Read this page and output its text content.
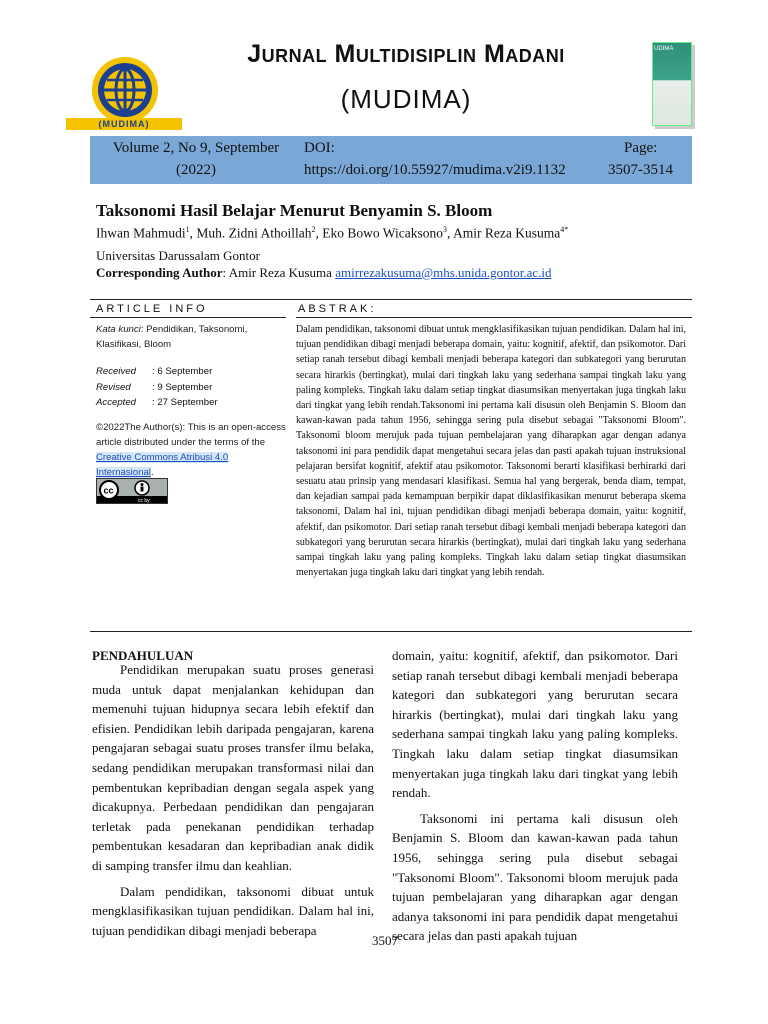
(MUDIMA)
Jurnal Multidisiplin Madani
(MUDIMA)
UDIMA
Volume 2, No 9, September (2022)
DOI:
https://doi.org/10.55927/mudima.v2i9.1132
Page:
3507-3514
Taksonomi Hasil Belajar Menurut Benyamin S. Bloom
Ihwan Mahmudi$^1$, Muh. Zidni Athoillah$^2$, Eko Bowo Wicaksono$^3$, Amir Reza Kusuma$^{4*}$
Universitas Darussalam Gontor
Corresponding Author: Amir Reza Kusuma amirrezakusuma@mhs.unida.gontor.ac.id
ARTICLE INFO	ABSTRAK:
Kata kunci: Pendidikan, Taksonomi, Klasifikasi, Bloom
Received : 6 September
Revised : 9 September
Accepted : 27 September
©2022The Author(s): This is an open-access article distributed under the terms of the Creative Commons Atribusi 4.0 Internasional.
cc
cc by
Dalam pendidikan, taksonomi dibuat untuk mengklasifikasikan tujuan pendidikan. Dalam hal ini, tujuan pendidikan dibagi menjadi beberapa domain, yaitu: kognitif, afektif, dan psikomotor. Dari setiap ranah tersebut dibagi kembali menjadi beberapa kategori dan subkategori yang berurutan secara hirarkis (bertingkat), mulai dari tingkah laku yang sederhana sampai tingkah laku yang paling kompleks. Tingkah laku dalam setiap tingkat diasumsikan menyertakan juga tingkah laku dari tingkat yang lebih rendah.Taksonomi ini pertama kali disusun oleh Benjamin S. Bloom dan kawan-kawan pada tahun 1956, sehingga sering pula disebut sebagai "Taksonomi Bloom". Taksonomi bloom merujuk pada tujuan pembelajaran yang diharapkan agar dengan adanya taksonomi ini para pendidik dapat mengetahui secara jelas dan pasti apakah tujuan instruksional pelajaran bersifat kognitif, afektif atau psikomotor. Taksonomi berarti klasifikasi berhirarki dari sesuatu atau prinsip yang mendasari klasifikasi. Semua hal yang bergerak, benda diam, tempat, dan kejadian sampai pada kemampuan berpikir dapat diklasifikasikan menurut beberapa skema taksonomi, Dalam hal ini, tujuan pendidikan dibagi menjadi beberapa domain, yaitu: kognitif, afektif, dan psikomotor. Dari setiap ranah tersebut dibagi kembali menjadi beberapa kategori dan subkategori yang berurutan secara hirarkis (bertingkat), mulai dari tingkah laku yang sederhana sampai tingkah laku yang paling kompleks. Tingkah laku dalam setiap tingkat diasumsikan menyertakan juga tingkah laku dari tingkat yang lebih rendah.
PENDAHULUAN

Pendidikan merupakan suatu proses generasi muda untuk dapat menjalankan kehidupan dan memenuhi tujuan hidupnya secara lebih efektif dan efisien. Pendidikan lebih daripada pengajaran, karena pengajaran sebagai suatu proses transfer ilmu belaka, sedang pendidikan merupakan transformasi nilai dan pembentukan kepribadian dengan segala aspek yang dicakupnya. Perbedaan pendidikan dan pengajaran terletak pada penekanan pendidikan terhadap pembentukan kesadaran dan kepribadian anak didik di samping transfer ilmu dan keahlian.

Dalam pendidikan, taksonomi dibuat untuk mengklasifikasikan tujuan pendidikan. Dalam hal ini, tujuan pendidikan dibagi menjadi beberapa

domain, yaitu: kognitif, afektif, dan psikomotor. Dari setiap ranah tersebut dibagi kembali menjadi beberapa kategori dan subkategori yang berurutan secara hirarkis (bertingkat), mulai dari tingkah laku yang sederhana sampai tingkah laku yang paling kompleks. Tingkah laku dalam setiap tingkat diasumsikan menyertakan juga tingkah laku dari tingkat yang lebih rendah.

Taksonomi ini pertama kali disusun oleh Benjamin S. Bloom dan kawan-kawan pada tahun 1956, sehingga sering pula disebut sebagai "Taksonomi Bloom". Taksonomi bloom merujuk pada tujuan pembelajaran yang diharapkan agar dengan adanya taksonomi ini para pendidik dapat mengetahui secara jelas dan pasti apakah tujuan

3507
